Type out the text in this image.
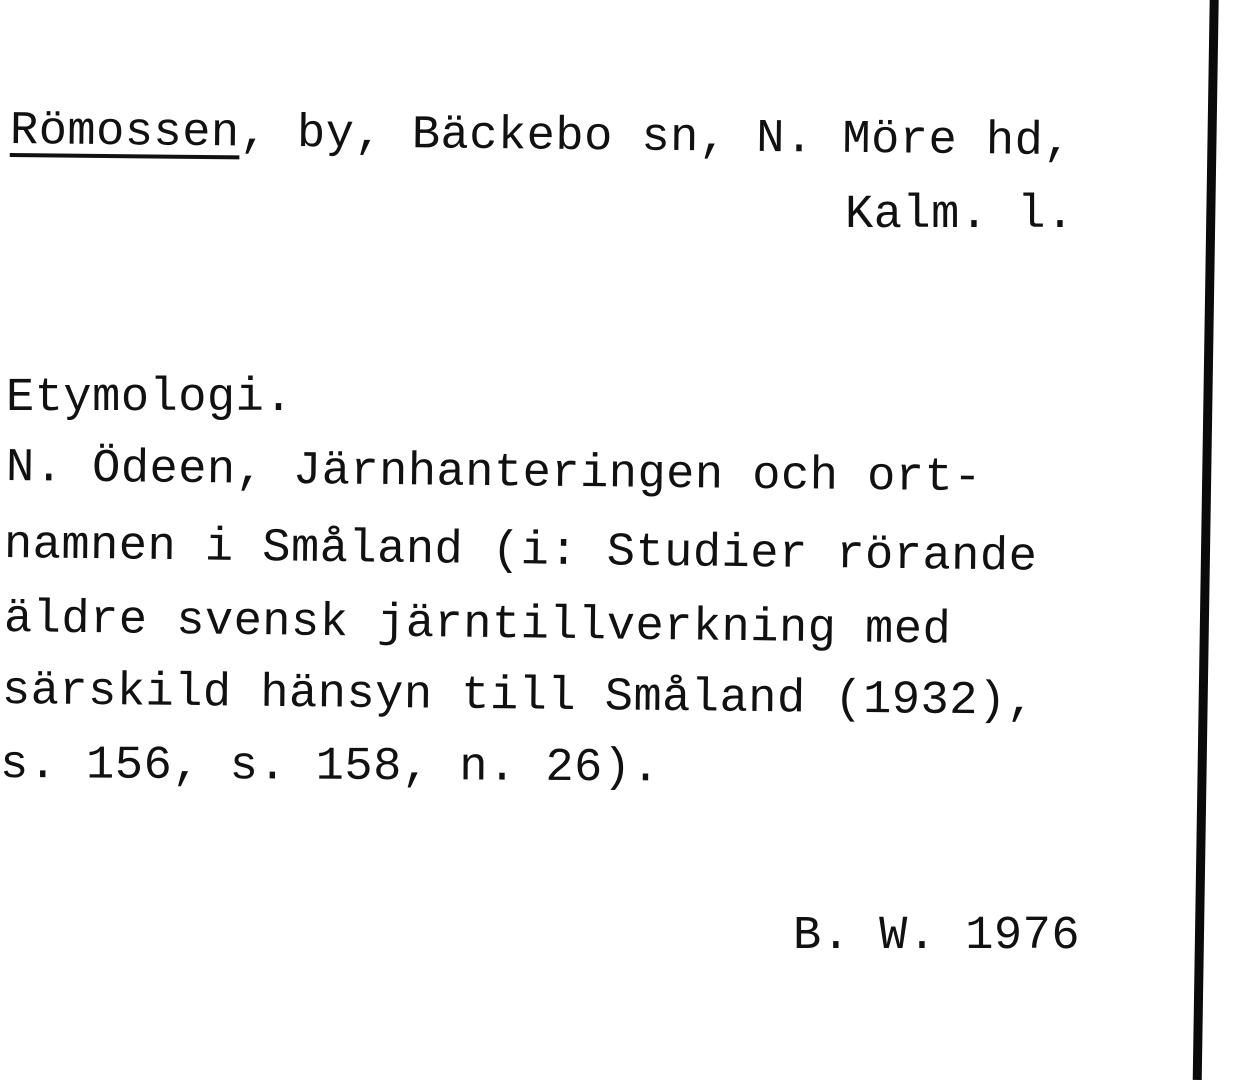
Römossen, by, Bäckebo sn, N. Möre hd,
Kalm. l.
Etymologi.
N. Ödeen, Järnhanteringen och ort-
namnen i Småland (i: Studier rörande
äldre svensk järntillverkning med
särskild hänsyn till Småland (1932),
s. 156, s. 158, n. 26).
B. W. 1976
